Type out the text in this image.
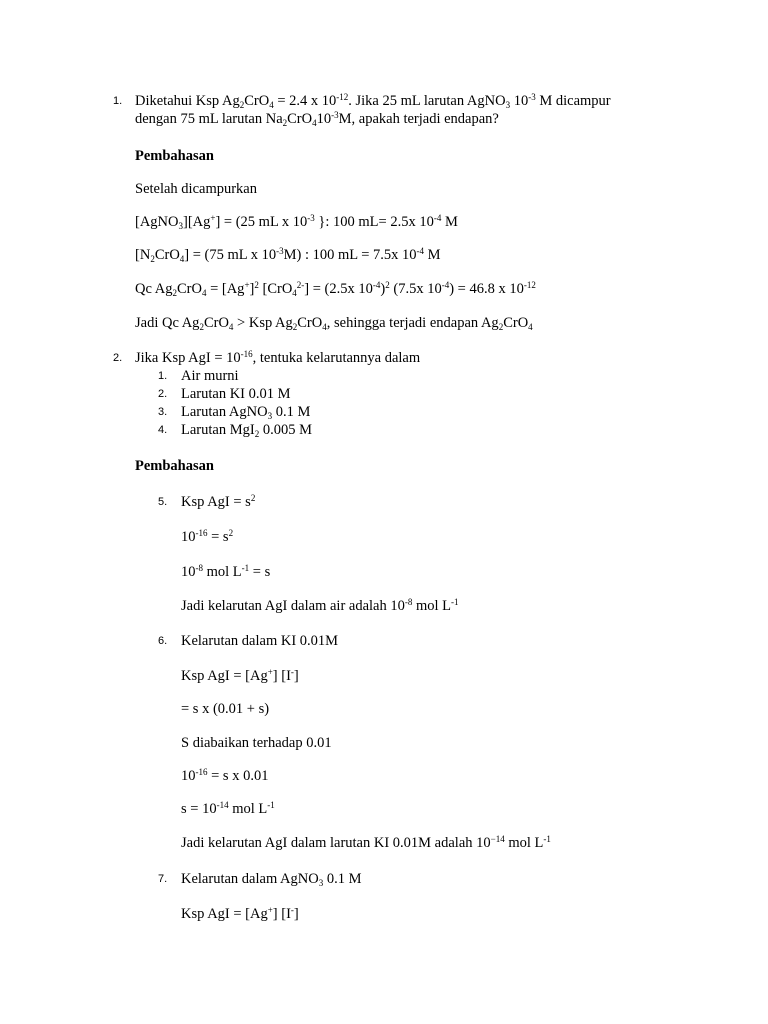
1. Diketahui Ksp $Ag_2CrO_4 = 2.4$ x $10^{-12}$. Jika 25 mL larutan AgNO$_3$ $10^{-3}$ M dicampur
dengan 75 mL larutan $Na_2CrO_410^{-3}M$, apakah terjadi endapan?
Pembahasan
Setelah dicampurkan
[AgNO$_3$][Ag+] = (25 mL x $10^{-3}$ }: 100 mL= 2.5x $10^{-4}$ M
$[N_2CrO_4] = (75$ mL x $10^{-3}M$) : 100 mL = 7.5x $10^{-4}$ M
Qc $Ag_2CrO_4 = [Ag^+]^2$ [CrO$_4^{2-}$] = (2.5x $10^{-4})^2$ (7.5x $10^{-4}) = 46.8$ x $10^{-12}$
Jadi Qc $Ag_2CrO_4$ > Ksp $Ag_2CrO_4$, sehingga terjadi endapan $Ag_2CrO_4$
2. Jika Ksp AgI = $10^{-16}$, tentuka kelarutannya dalam
1. Air murni
2. Larutan KI 0.01 M
3. Larutan AgNO$_3$ 0.1 M
4. Larutan MgI$_2$ 0.005 M
Pembahasan
5. Ksp AgI = $s^2$
$10^{-16} = s^2$
$10^{-8}$ mol $L^{-1} = s$
Jadi kelarutan AgI dalam air adalah $10^{-8}$ mol $L^{-1}$
6. Kelarutan dalam KI 0.01M
Ksp AgI = [Ag+] [I-]
= s x (0.01 + s)
S diabaikan terhadap 0.01
$10^{-16} = s$ x 0.01
$s = 10^{-14}$ mol $L^{-1}$
Jadi kelarutan AgI dalam larutan KI 0.01M adalah $10^{-14}$ mol $L^{-1}$
7. Kelarutan dalam AgNO$_3$ 0.1 M
Ksp AgI = [Ag+] [I-]
